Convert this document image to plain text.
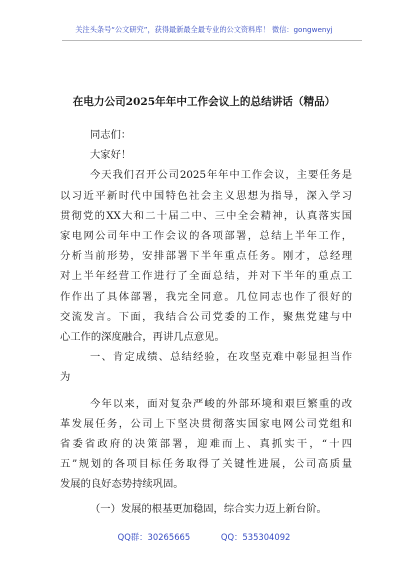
关注头条号“公文研究”，获得最新最全最专业的公文资料库！ 微信：gongwenyj
在电力公司2025年年中工作会议上的总结讲话（精品）

同志们：

大家好！

今天我们召开公司2025年年中工作会议，主要任务是
以习近平新时代中国特色社会主义思想为指导，深入学习
贯彻党的XX大和二十届二中、三中全会精神，认真落实国
家电网公司年中工作会议的各项部署，总结上半年工作，
分析当前形势，安排部署下半年重点任务。刚才，总经理
对上半年经营工作进行了全面总结，并对下半年的重点工
作作出了具体部署，我完全同意。几位同志也作了很好的
交流发言。下面，我结合公司党委的工作，聚焦党建与中
心工作的深度融合，再讲几点意见。

一、肯定成绩、总结经验，在攻坚克难中彰显担当作
为

今年以来，面对复杂严峻的外部环境和艰巨繁重的改
革发展任务，公司上下坚决贯彻落实国家电网公司党组和
省委省政府的决策部署，迎难而上、真抓实干，“十四
五”规划的各项目标任务取得了关键性进展，公司高质量
发展的良好态势持续巩固。

（一）发展的根基更加稳固，综合实力迈上新台阶。

QQ群：30265665	QQ：535304092
